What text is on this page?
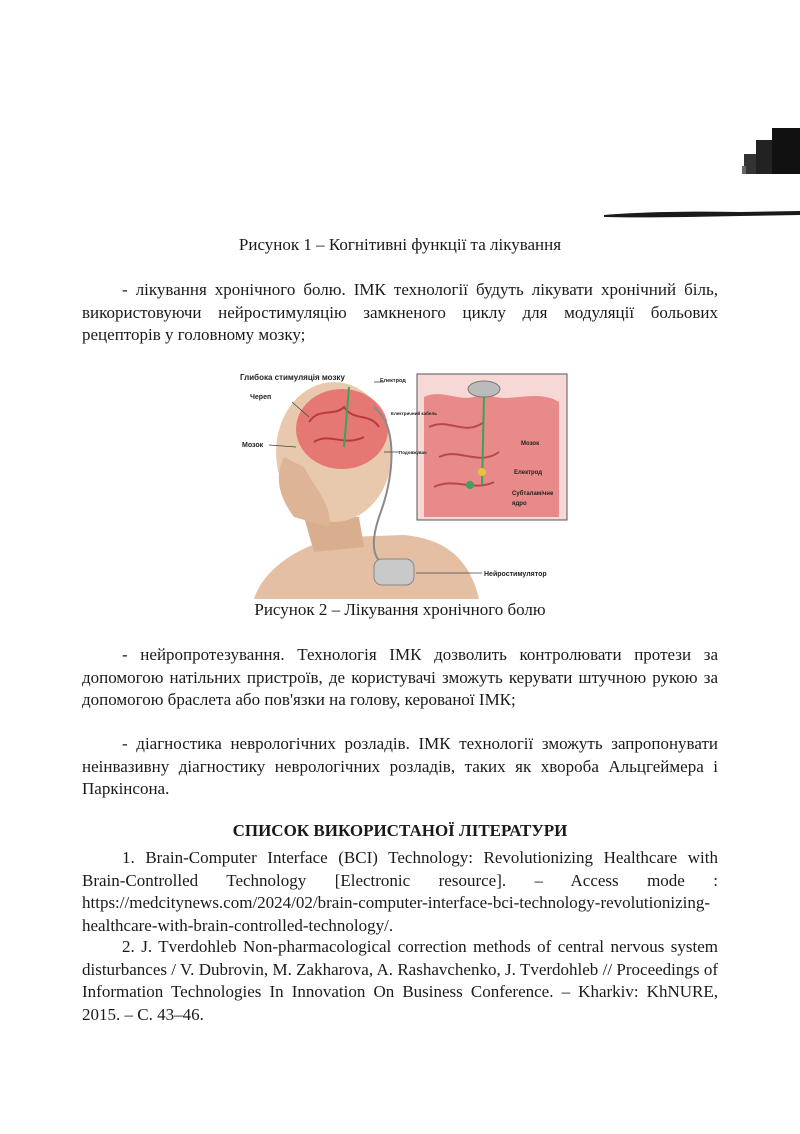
Рисунок 1 – Когнітивні функції та лікування
- лікування хронічного болю. ІМК технології будуть лікувати хронічний біль, використовуючи нейростимуляцію замкненого циклу для модуляції больових рецепторів у головному мозку;
Глибока стимуляція мозку
Череп
Мозок
Електрод
Електричний кабель
Подовжувач
Мозок
Електрод
Субталамічне
ядро
Нейростимулятор
Рисунок 2 – Лікування хронічного болю
- нейропротезування. Технологія ІМК дозволить контролювати протези за допомогою натільних пристроїв, де користувачі зможуть керувати штучною рукою за допомогою браслета або пов'язки на голову, керованої ІМК;
- діагностика неврологічних розладів. ІМК технології зможуть запропонувати неінвазивну діагностику неврологічних розладів, таких як хвороба Альцгеймера і Паркінсона.
СПИСОК ВИКОРИСТАНОЇ ЛІТЕРАТУРИ
1. Brain-Computer Interface (BCI) Technology: Revolutionizing Healthcare with Brain-Controlled Technology [Electronic resource]. – Access mode : https://medcitynews.com/2024/02/brain-computer-interface-bci-technology-revolutionizing-healthcare-with-brain-controlled-technology/.
2. J. Tverdohleb Non-pharmacological correction methods of central nervous system disturbances / V. Dubrovin, M. Zakharova, A. Rashavchenko, J. Tverdohleb // Proceedings of Information Technologies In Innovation On Business Conference. – Kharkiv: KhNURE, 2015. – С. 43–46.
